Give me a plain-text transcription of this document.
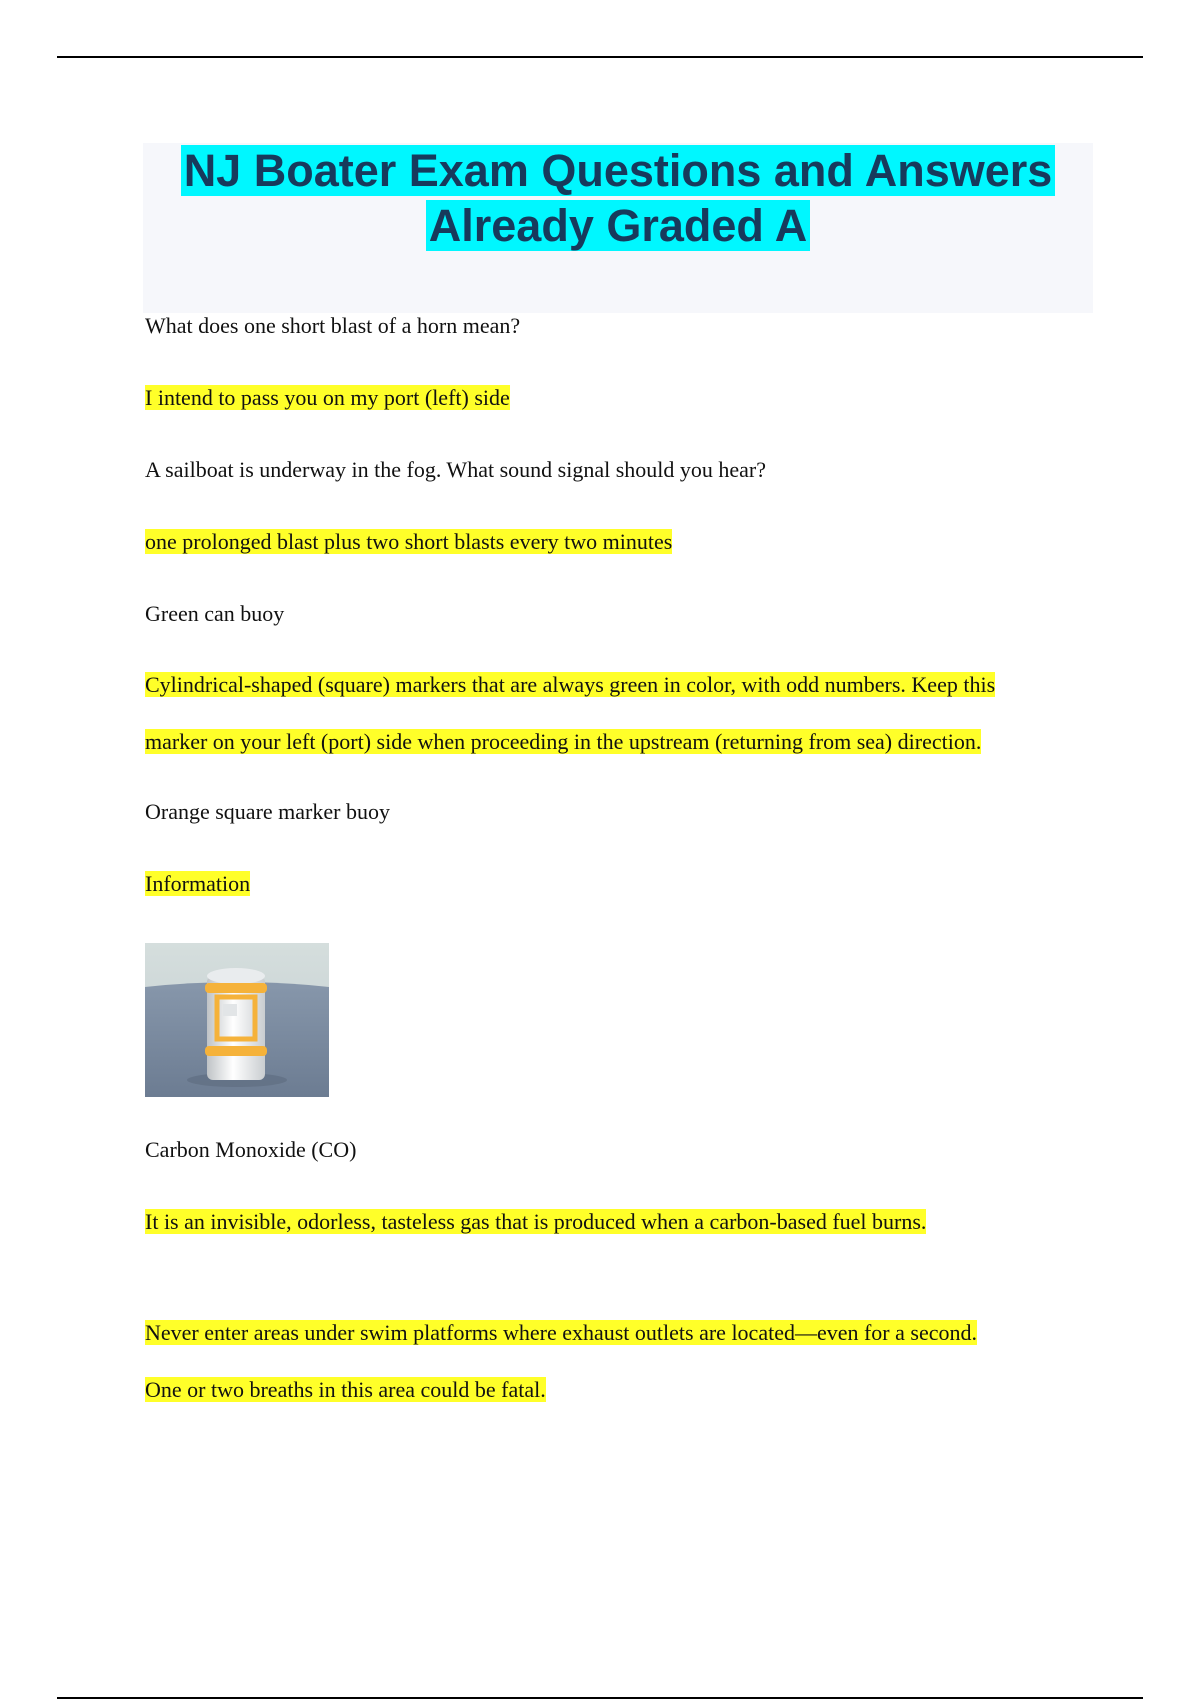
NJ Boater Exam Questions and Answers
Already Graded A
What does one short blast of a horn mean?
I intend to pass you on my port (left) side
A sailboat is underway in the fog. What sound signal should you hear?
one prolonged blast plus two short blasts every two minutes
Green can buoy
Cylindrical-shaped (square) markers that are always green in color, with odd numbers. Keep this
marker on your left (port) side when proceeding in the upstream (returning from sea) direction.
Orange square marker buoy
Information
Carbon Monoxide (CO)
It is an invisible, odorless, tasteless gas that is produced when a carbon-based fuel burns.
Never enter areas under swim platforms where exhaust outlets are located—even for a second.
One or two breaths in this area could be fatal.
